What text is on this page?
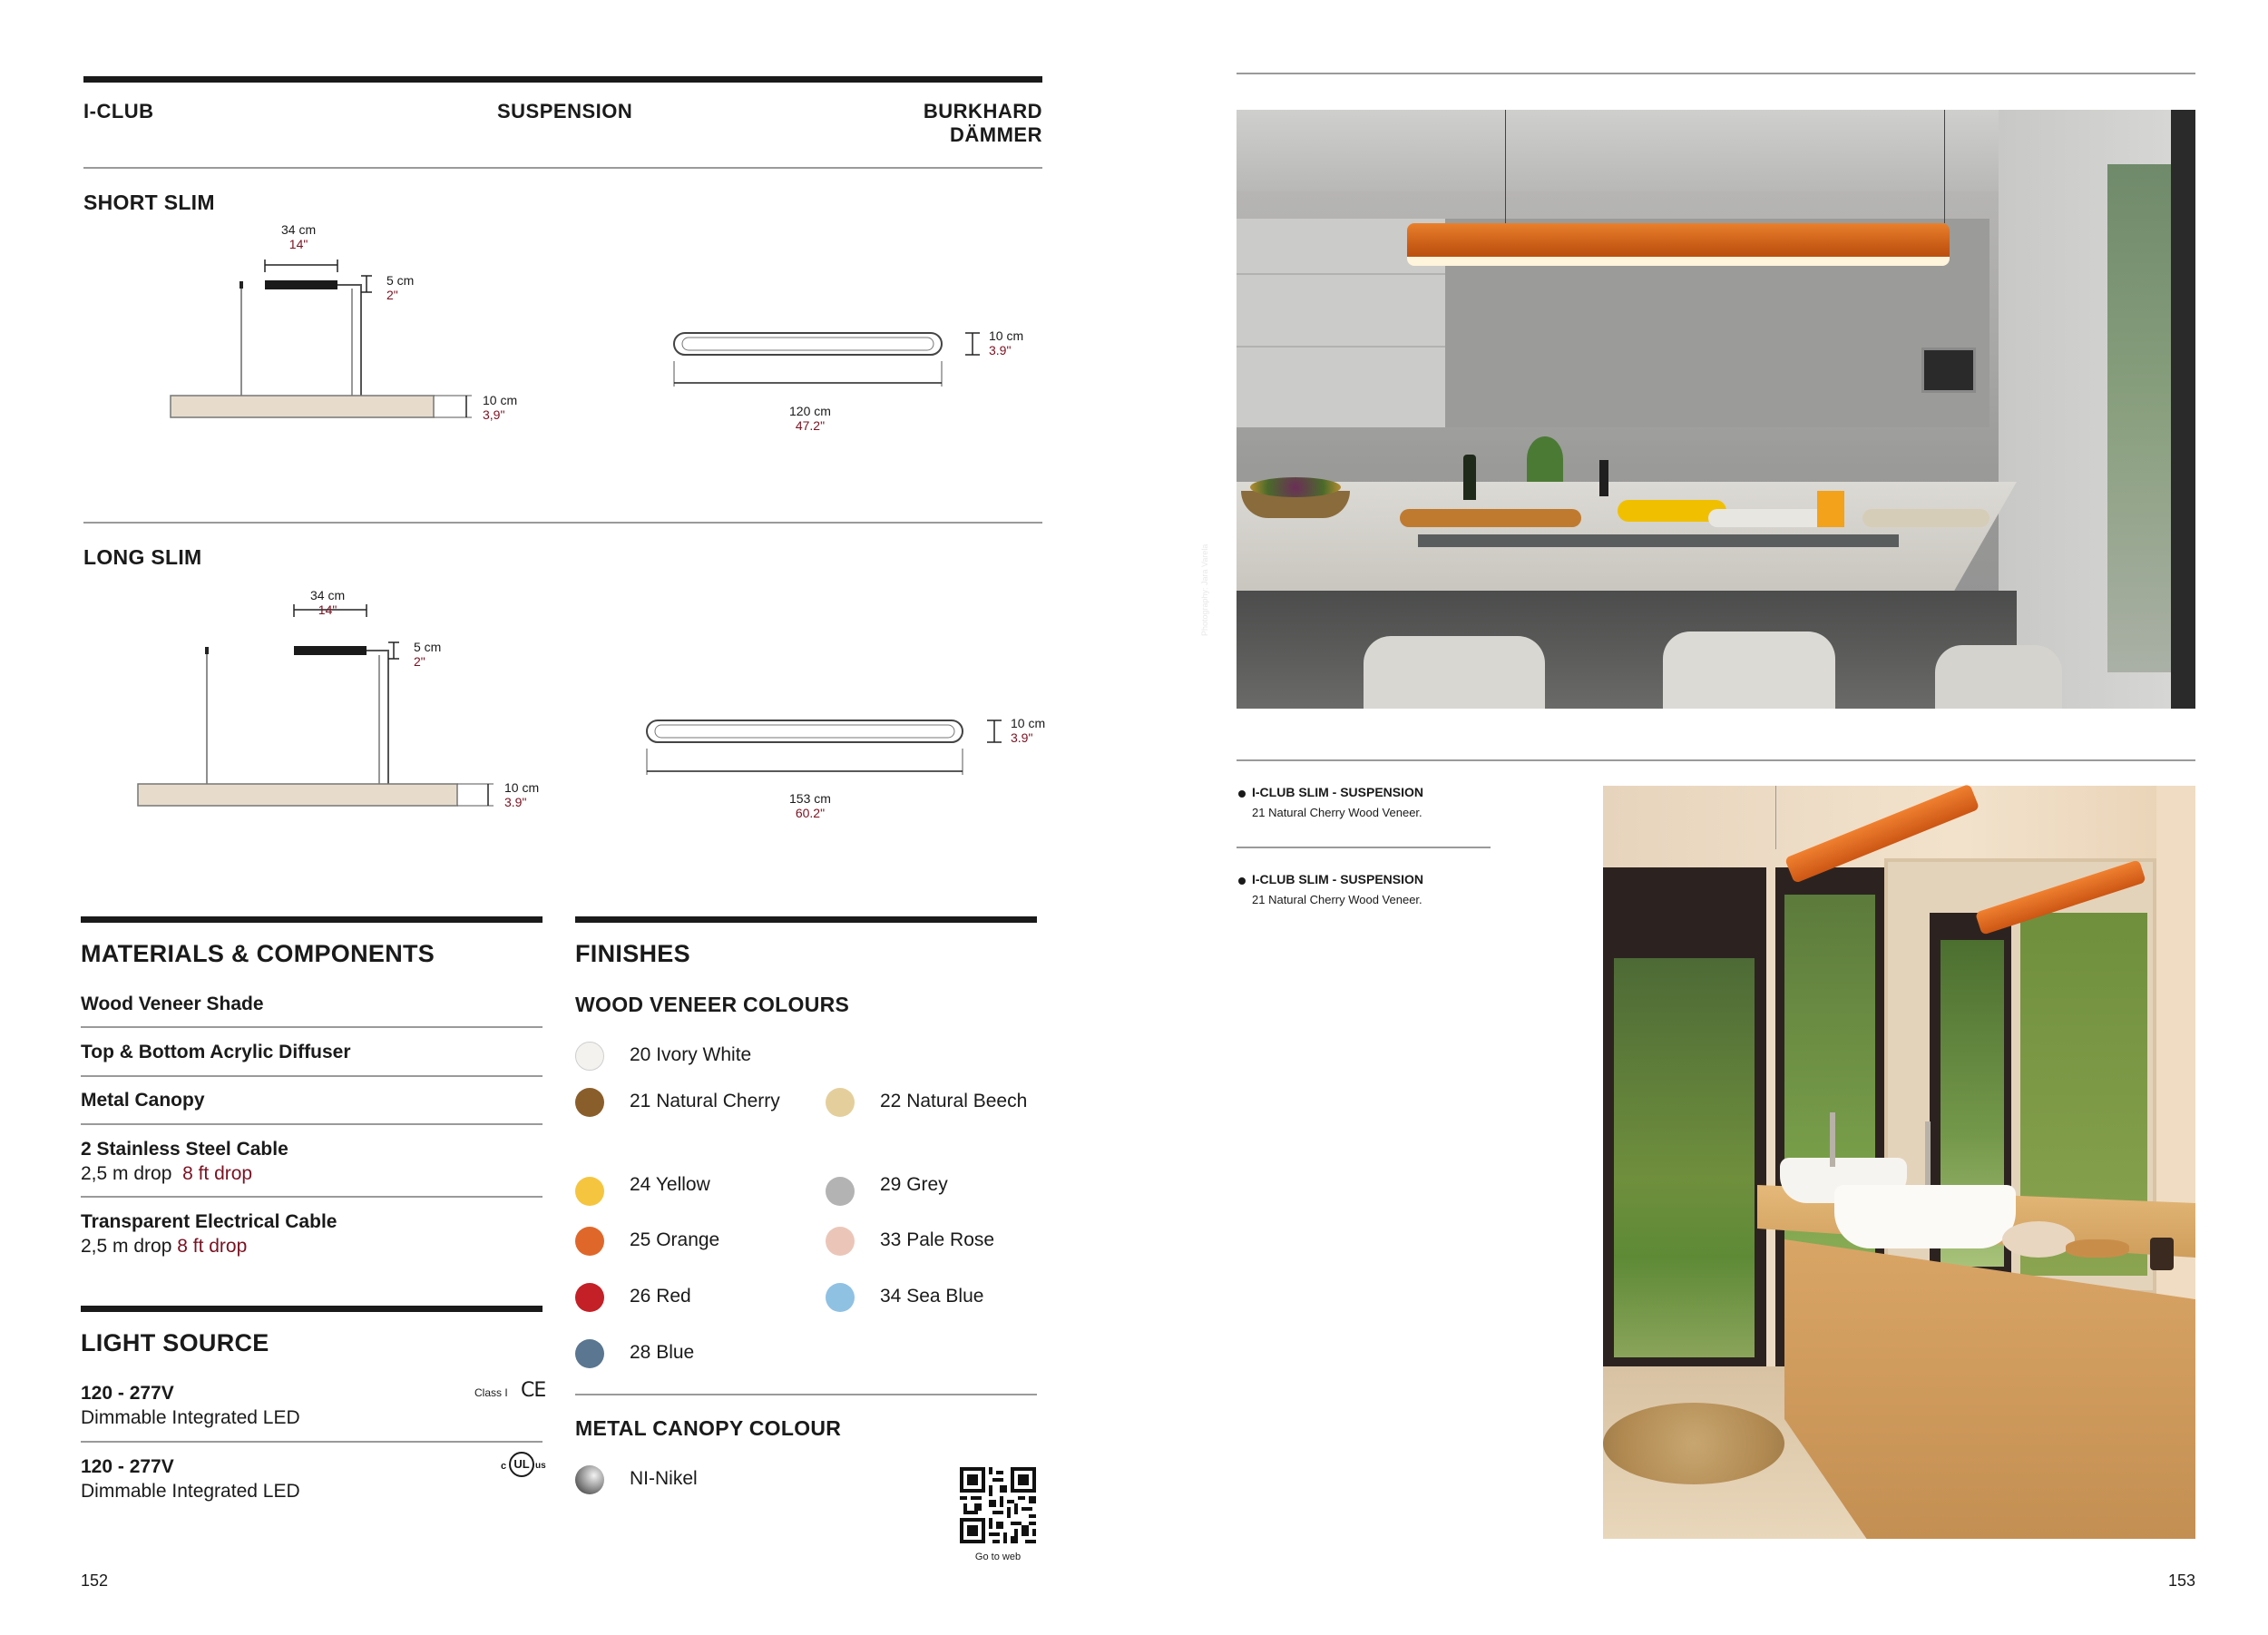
I-CLUB	SUSPENSION	BURKHARD DÄMMER
SHORT SLIM
34 cm
14"
5 cm
2"
10 cm
3,9"
10 cm
3.9"
120 cm
47.2"
LONG SLIM
34 cm
14"
5 cm
2"
10 cm
3.9"
10 cm
3.9"
153 cm
60.2"
MATERIALS & COMPONENTS
Wood Veneer Shade
Top & Bottom Acrylic Diffuser
Metal Canopy
2 Stainless Steel Cable
2,5 m drop 8 ft drop
Transparent Electrical Cable
2,5 m drop 8 ft drop
LIGHT SOURCE
120 - 277V
Dimmable Integrated LED
Class I CE
120 - 277V
Dimmable Integrated LED
c UL us
152
FINISHES
WOOD VENEER COLOURS
20 Ivory White
21 Natural Cherry	22 Natural Beech
24 Yellow	29 Grey
25 Orange	33 Pale Rose
26 Red	34 Sea Blue
28 Blue
METAL CANOPY COLOUR
NI-Nikel
Go to web
Photography: Jara Varela
I-CLUB SLIM - SUSPENSION
21 Natural Cherry Wood Veneer.
I-CLUB SLIM - SUSPENSION
21 Natural Cherry Wood Veneer.
153
